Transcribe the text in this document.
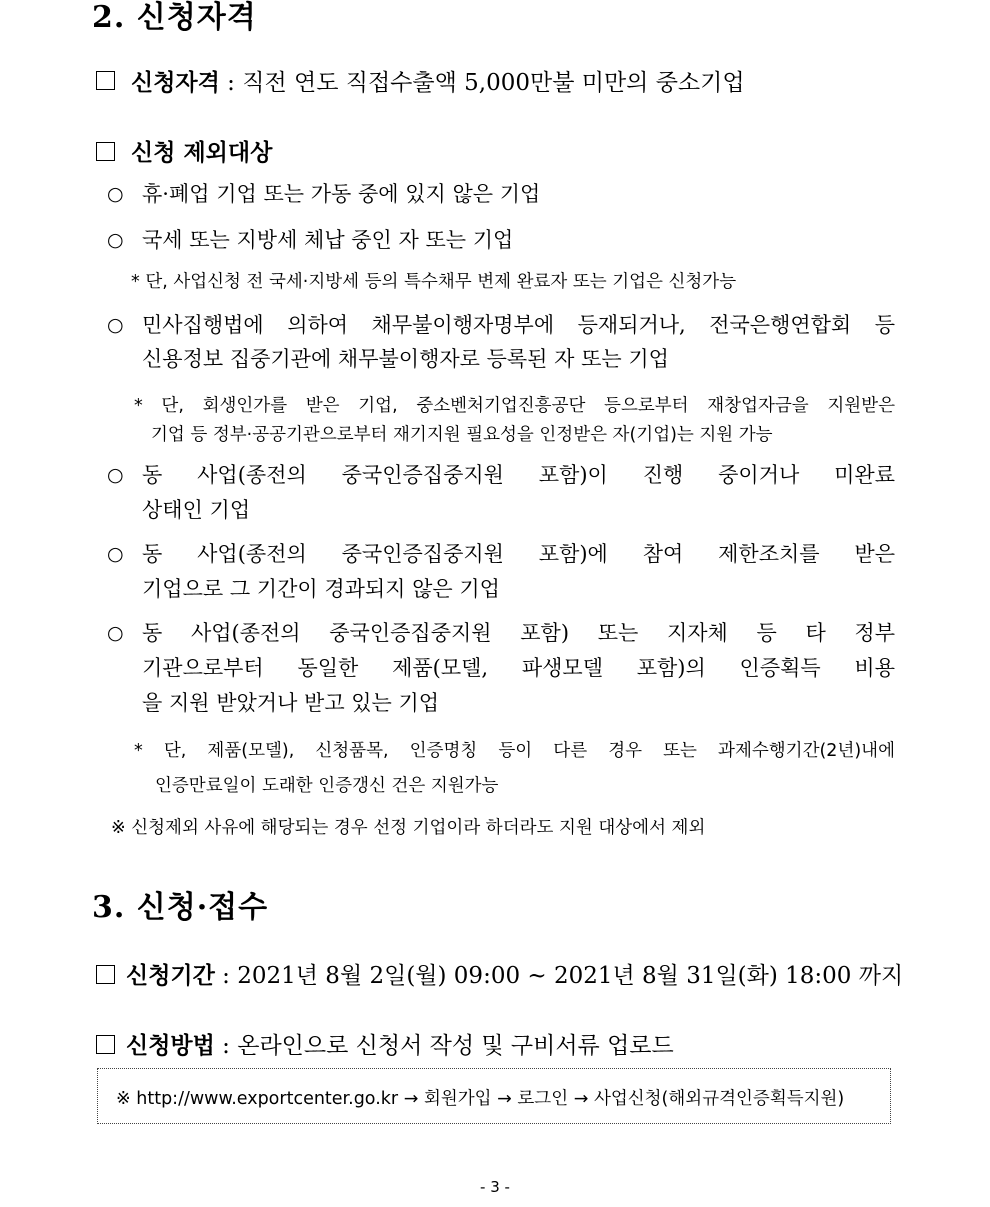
2. 신청자격
신청자격 : 직전 연도 직접수출액 5,000만불 미만의 중소기업
신청 제외대상
○ 휴·폐업 기업 또는 가동 중에 있지 않은 기업
○ 국세 또는 지방세 체납 중인 자 또는 기업
* 단, 사업신청 전 국세·지방세 등의 특수채무 변제 완료자 또는 기업은 신청가능
○ 민사집행법에 의하여 채무불이행자명부에 등재되거나, 전국은행연합회 등
신용정보 집중기관에 채무불이행자로 등록된 자 또는 기업
* 단, 회생인가를 받은 기업, 중소벤처기업진흥공단 등으로부터 재창업자금을 지원받은
기업 등 정부·공공기관으로부터 재기지원 필요성을 인정받은 자(기업)는 지원 가능
○ 동 사업(종전의 중국인증집중지원 포함)이 진행 중이거나 미완료
상태인 기업
○ 동 사업(종전의 중국인증집중지원 포함)에 참여 제한조치를 받은
기업으로 그 기간이 경과되지 않은 기업
○ 동 사업(종전의 중국인증집중지원 포함) 또는 지자체 등 타 정부
기관으로부터 동일한 제품(모델, 파생모델 포함)의 인증획득 비용
을 지원 받았거나 받고 있는 기업
* 단, 제품(모델), 신청품목, 인증명칭 등이 다른 경우 또는 과제수행기간(2년)내에
인증만료일이 도래한 인증갱신 건은 지원가능
※ 신청제외 사유에 해당되는 경우 선정 기업이라 하더라도 지원 대상에서 제외
3. 신청·접수
신청기간 : 2021년 8월 2일(월) 09:00 ~ 2021년 8월 31일(화) 18:00 까지
신청방법 : 온라인으로 신청서 작성 및 구비서류 업로드
※ http://www.exportcenter.go.kr → 회원가입 → 로그인 → 사업신청(해외규격인증획득지원)
- 3 -
